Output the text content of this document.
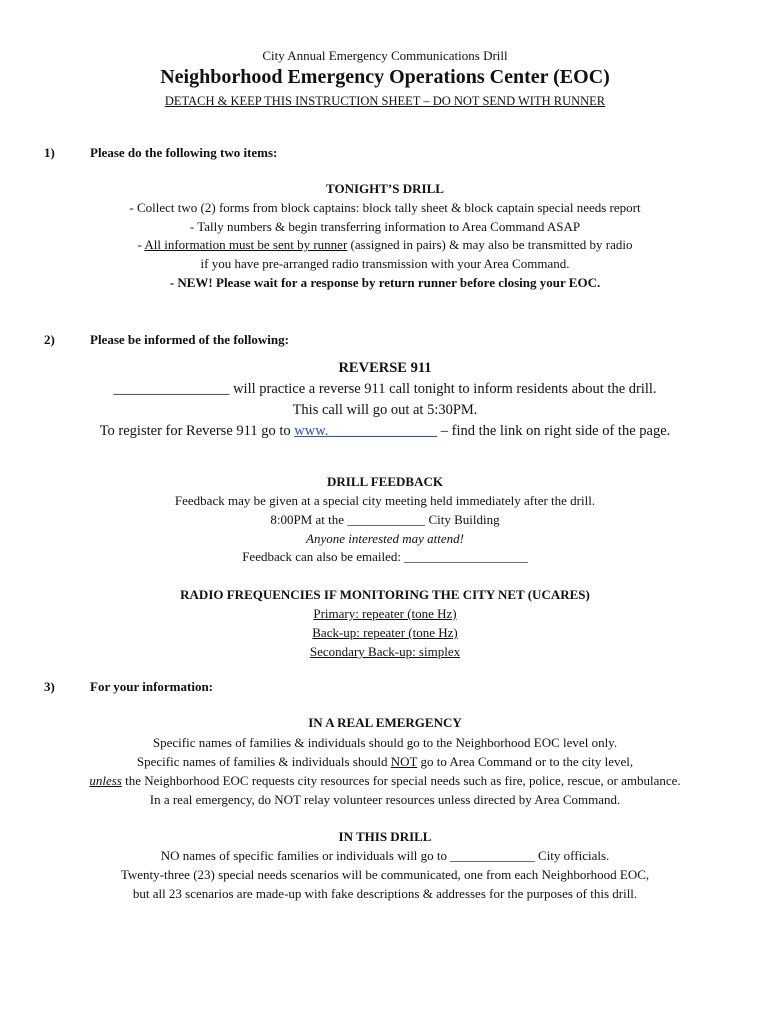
City Annual Emergency Communications Drill
Neighborhood Emergency Operations Center (EOC)
DETACH & KEEP THIS INSTRUCTION SHEET – DO NOT SEND WITH RUNNER
1)	Please do the following two items:
TONIGHT’S DRILL
- Collect two (2) forms from block captains: block tally sheet & block captain special needs report
- Tally numbers & begin transferring information to Area Command ASAP
- All information must be sent by runner (assigned in pairs) & may also be transmitted by radio
if you have pre-arranged radio transmission with your Area Command.
- NEW! Please wait for a response by return runner before closing your EOC.
2)	Please be informed of the following:
REVERSE 911
________________ will practice a reverse 911 call tonight to inform residents about the drill.
This call will go out at 5:30PM.
To register for Reverse 911 go to www._______________ – find the link on right side of the page.
DRILL FEEDBACK
Feedback may be given at a special city meeting held immediately after the drill.
8:00PM at the ____________ City Building
Anyone interested may attend!
Feedback can also be emailed: ___________________
RADIO FREQUENCIES IF MONITORING THE CITY NET (UCARES)
Primary: repeater (tone Hz)
Back-up: repeater (tone Hz)
Secondary Back-up: simplex
3)	For your information:
IN A REAL EMERGENCY
Specific names of families & individuals should go to the Neighborhood EOC level only.
Specific names of families & individuals should NOT go to Area Command or to the city level,
unless the Neighborhood EOC requests city resources for special needs such as fire, police, rescue, or ambulance.
In a real emergency, do NOT relay volunteer resources unless directed by Area Command.
IN THIS DRILL
NO names of specific families or individuals will go to _____________ City officials.
Twenty-three (23) special needs scenarios will be communicated, one from each Neighborhood EOC,
but all 23 scenarios are made-up with fake descriptions & addresses for the purposes of this drill.
